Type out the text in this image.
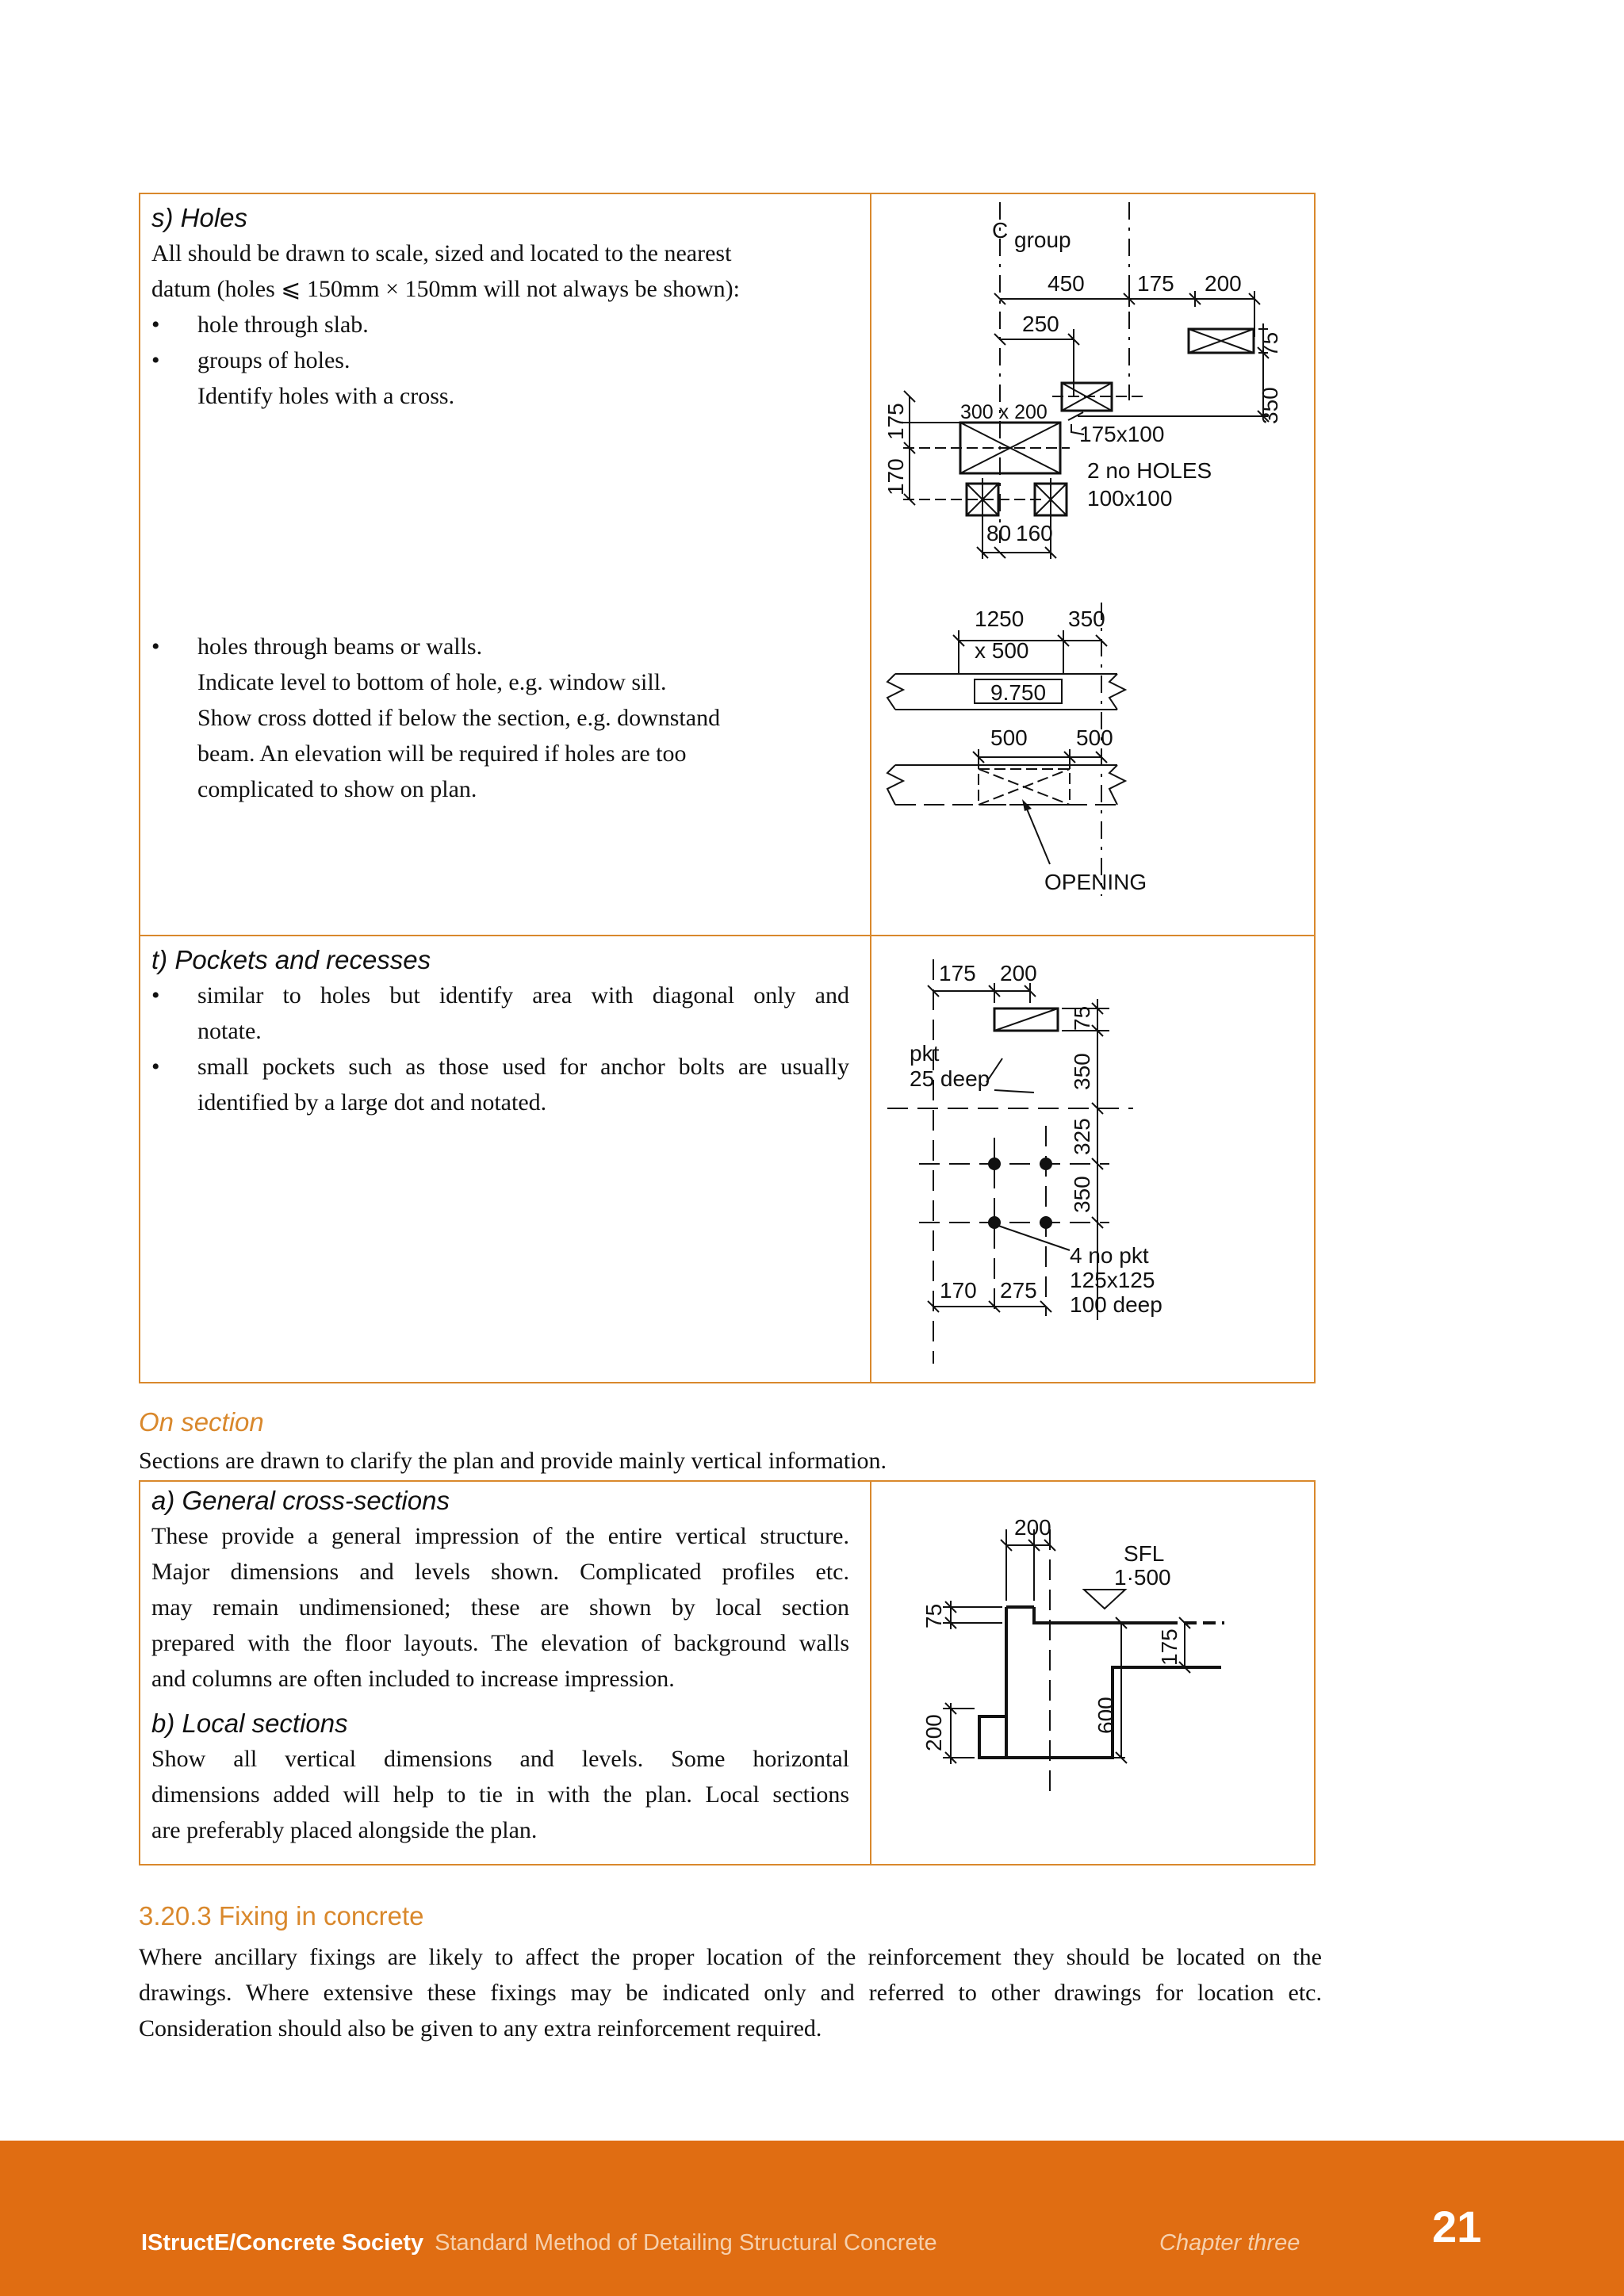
s) Holes
All should be drawn to scale, sized and located to the nearest
datum (holes ⩽ 150mm × 150mm will not always be shown):
• hole through slab.
• groups of holes.
Identify holes with a cross.
• holes through beams or walls.
Indicate level to bottom of hole, e.g. window sill.
Show cross dotted if below the section, e.g. downstand
beam. An elevation will be required if holes are too
complicated to show on plan.
t) Pockets and recesses
• similar to holes but identify area with diagonal only and
notate.
• small pockets such as those used for anchor bolts are usually
identified by a large dot and notated.
C group
450 175 200
250
75
350
300 x 200
175x100
175
170	2 no HOLES
100x100
80 160
1250
x 500
350
9.750
500 500
OPENING
175 200
75
pkt
25 deep	350
325
350
4 no pkt
125x125
100 deep
170 275
On section
Sections are drawn to clarify the plan and provide mainly vertical information.
a) General cross-sections
These provide a general impression of the entire vertical structure.
Major dimensions and levels shown. Complicated profiles etc.
may remain undimensioned; these are shown by local section
prepared with the floor layouts. The elevation of background walls
and columns are often included to increase impression.
b) Local sections
Show all vertical dimensions and levels. Some horizontal
dimensions added will help to tie in with the plan. Local sections
are preferably placed alongside the plan.
200
SFL
1·500
75
175
600
200
3.20.3 Fixing in concrete
Where ancillary fixings are likely to affect the proper location of the reinforcement they should be located on the
drawings. Where extensive these fixings may be indicated only and referred to other drawings for location etc.
Consideration should also be given to any extra reinforcement required.
IStructE/Concrete Society Standard Method of Detailing Structural Concrete	Chapter three	21
